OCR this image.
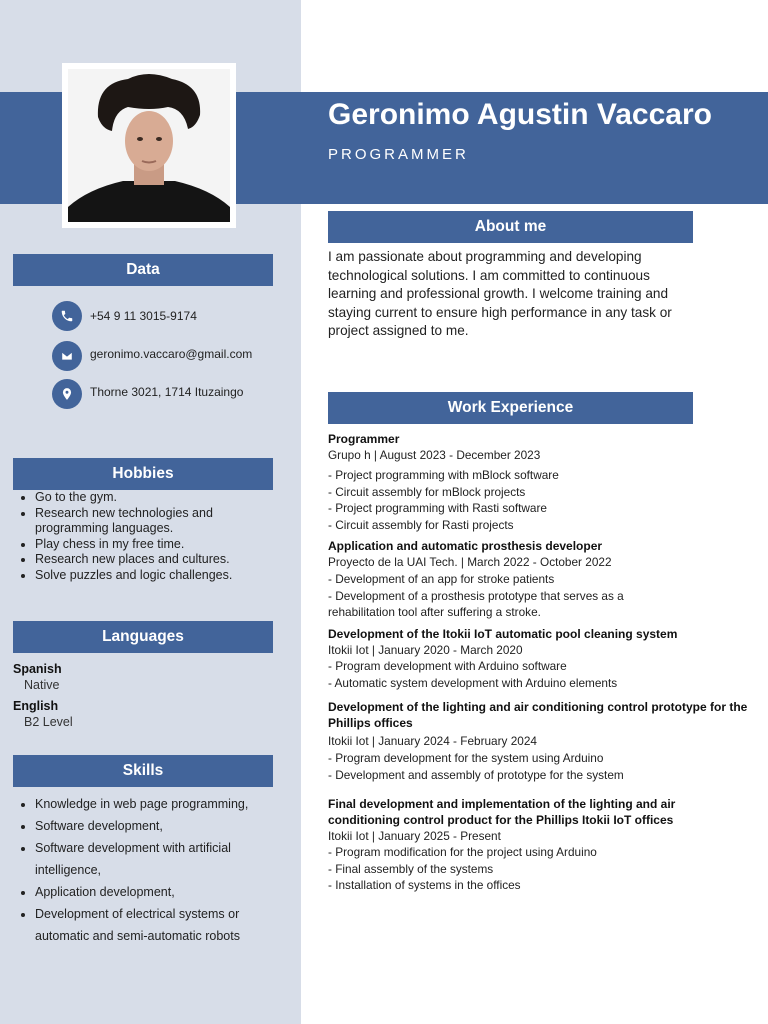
Geronimo Agustin Vaccaro
PROGRAMMER
Data
+54 9 11 3015-9174
geronimo.vaccaro@gmail.com
Thorne 3021, 1714 Ituzaingo
Hobbies
• Go to the gym.
• Research new technologies and programming languages.
• Play chess in my free time.
• Research new places and cultures.
• Solve puzzles and logic challenges.
Languages
Spanish
Native
English
B2 Level
Skills
• Knowledge in web page programming,
• Software development,
• Software development with artificial intelligence,
• Application development,
• Development of electrical systems or automatic and semi-automatic robots
About me
I am passionate about programming and developing technological solutions. I am committed to continuous learning and professional growth. I welcome training and staying current to ensure high performance in any task or project assigned to me.
Work Experience
Programmer
Grupo h | August 2023 - December 2023
- Project programming with mBlock software
- Circuit assembly for mBlock projects
- Project programming with Rasti software
- Circuit assembly for Rasti projects
Application and automatic prosthesis developer
Proyecto de la UAI Tech. | March 2022 - October 2022
- Development of an app for stroke patients
- Development of a prosthesis prototype that serves as a
rehabilitation tool after suffering a stroke.
Development of the Itokii IoT automatic pool cleaning system
Itokii Iot | January 2020 - March 2020
- Program development with Arduino software
- Automatic system development with Arduino elements
Development of the lighting and air conditioning control prototype for the Phillips offices
Itokii Iot | January 2024 - February 2024
- Program development for the system using Arduino
- Development and assembly of prototype for the system
Final development and implementation of the lighting and air conditioning control product for the Phillips Itokii IoT offices
Itokii Iot | January 2025 - Present
- Program modification for the project using Arduino
- Final assembly of the systems
- Installation of systems in the offices
